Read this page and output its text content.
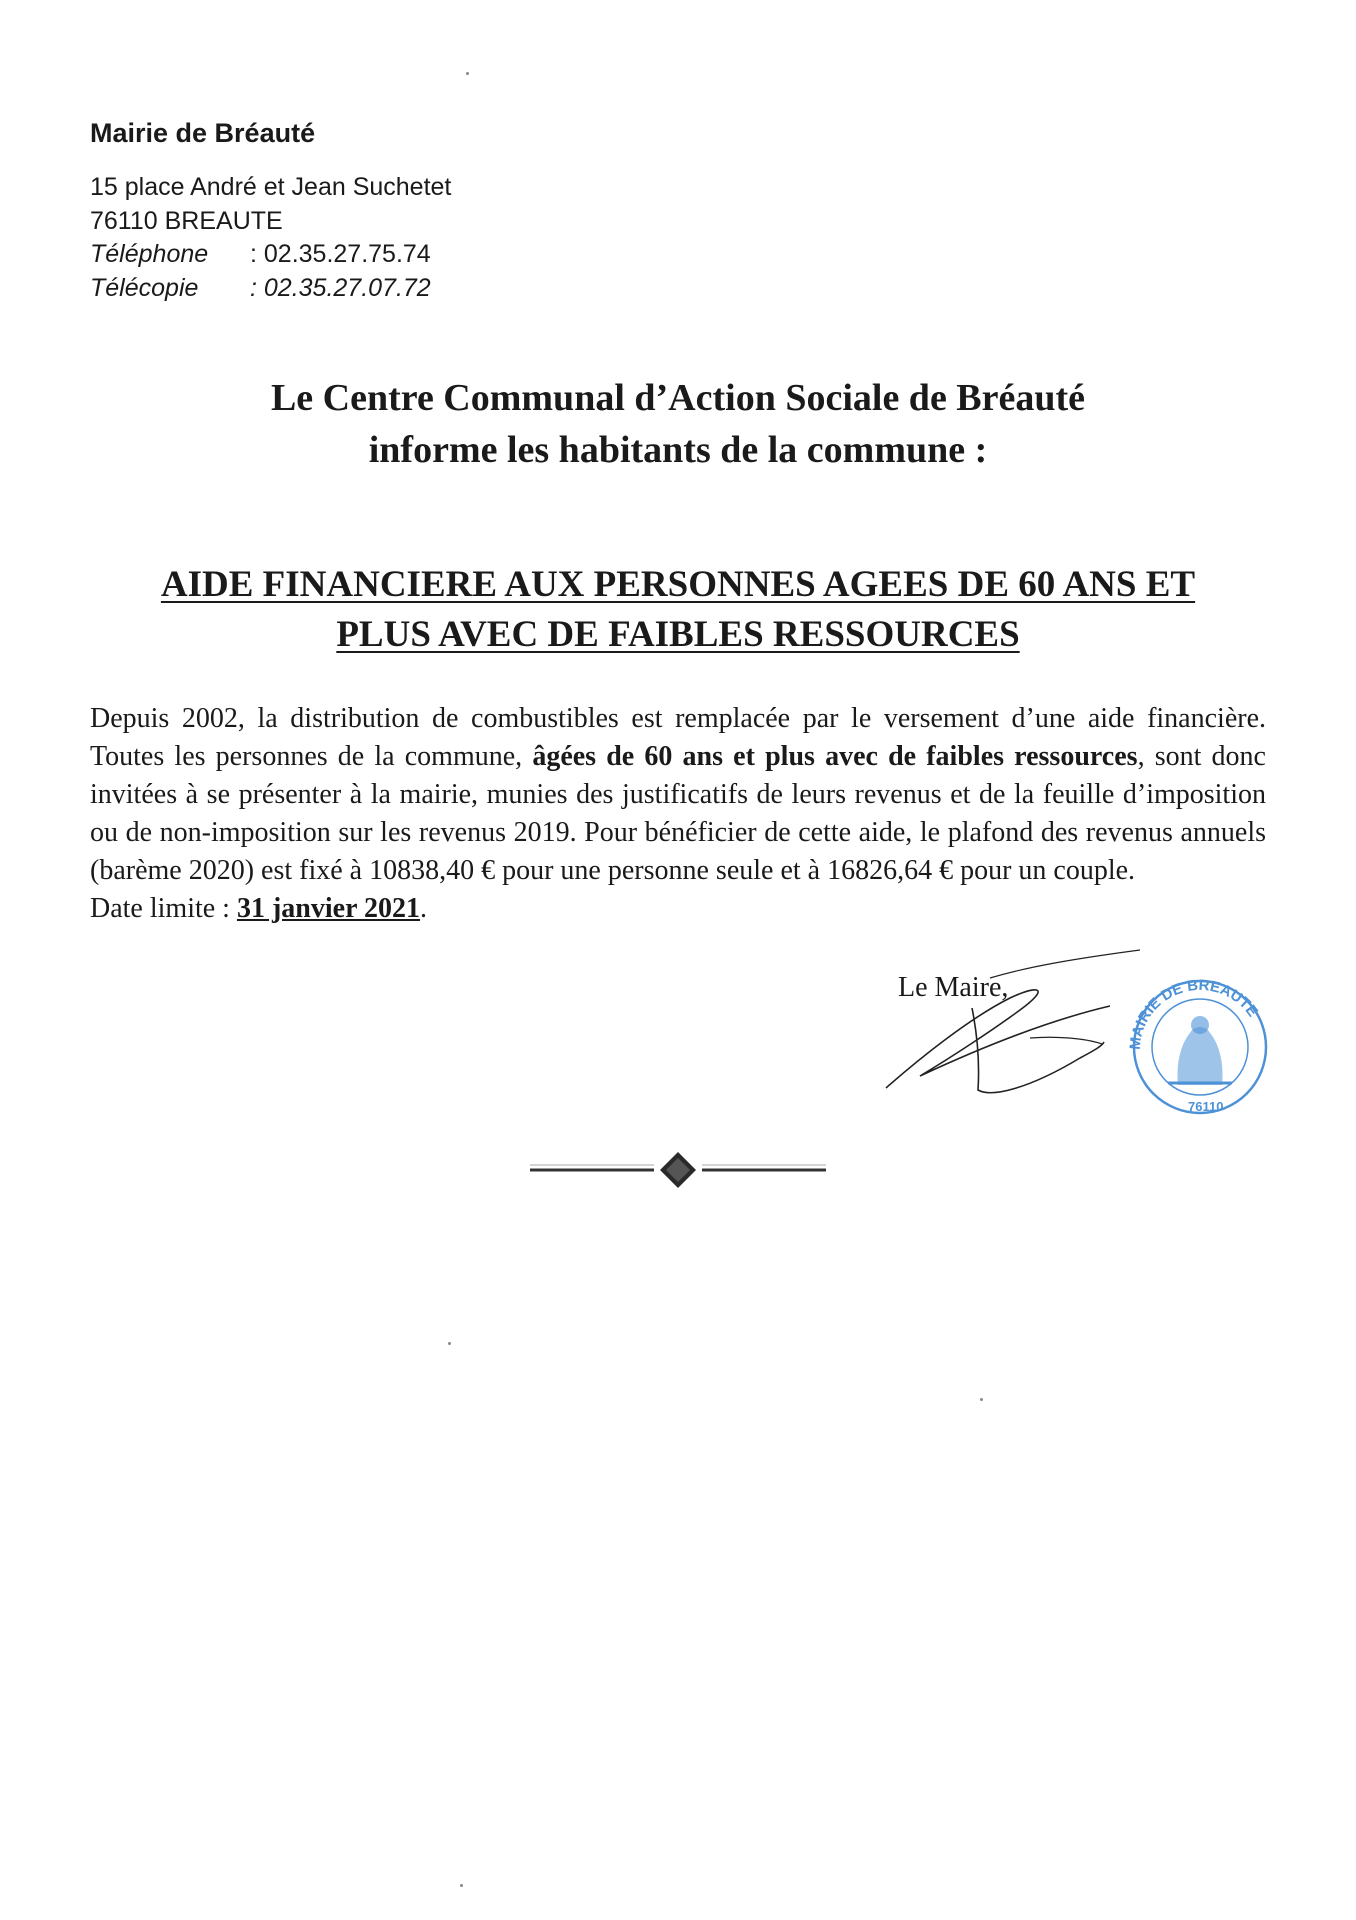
Mairie de Bréauté
15 place André et Jean Suchetet
76110 BREAUTE
Téléphone : 02.35.27.75.74
Télécopie : 02.35.27.07.72
Le Centre Communal d’Action Sociale de Bréauté
informe les habitants de la commune :
AIDE FINANCIERE AUX PERSONNES AGEES DE 60 ANS ET
PLUS AVEC DE FAIBLES RESSOURCES
Depuis 2002, la distribution de combustibles est remplacée par le versement d’une aide financière. Toutes les personnes de la commune, âgées de 60 ans et plus avec de faibles ressources, sont donc invitées à se présenter à la mairie, munies des justificatifs de leurs revenus et de la feuille d’imposition ou de non-imposition sur les revenus 2019. Pour bénéficier de cette aide, le plafond des revenus annuels (barème 2020) est fixé à 10838,40 € pour une personne seule et à 16826,64 € pour un couple.
Date limite : 31 janvier 2021.
Le Maire,
MAIRIE DE BREAUTE
76110
